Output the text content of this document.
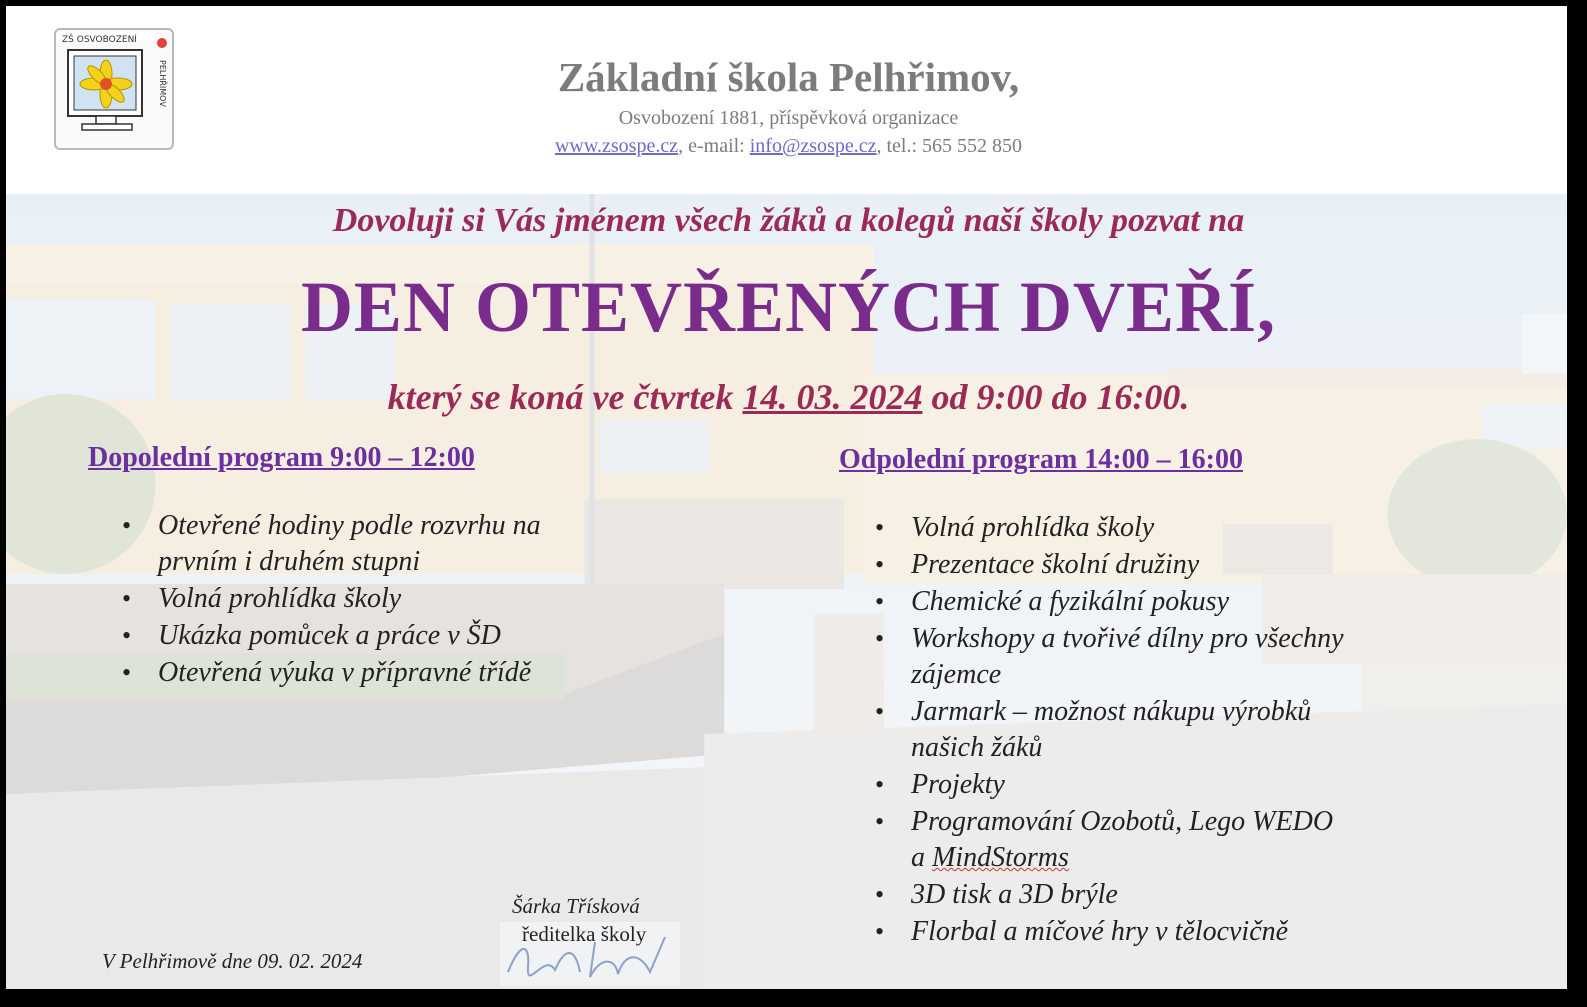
ZŠ OSVOBOZENÍ
PELHŘIMOV	Základní škola Pelhřimov,
Osvobození 1881, příspěvková organizace
www.zsospe.cz, e-mail: info@zsospe.cz, tel.: 565 552 850
Dovoluji si Vás jménem všech žáků a kolegů naší školy pozvat na
DEN OTEVŘENÝCH DVEŘÍ,
který se koná ve čtvrtek 14. 03. 2024 od 9:00 do 16:00.
Dopolední program 9:00 – 12:00
• Otevřené hodiny podle rozvrhu na prvním i druhém stupni
• Volná prohlídka školy
• Ukázka pomůcek a práce v ŠD
• Otevřená výuka v přípravné třídě
Odpolední program 14:00 – 16:00
• Volná prohlídka školy
• Prezentace školní družiny
• Chemické a fyzikální pokusy
• Workshopy a tvořivé dílny pro všechny zájemce
• Jarmark – možnost nákupu výrobků našich žáků
• Projekty
• Programování Ozobotů, Lego WEDO
a MindStorms
• 3D tisk a 3D brýle
• Florbal a míčové hry v tělocvičně
V Pelhřimově dne 09. 02. 2024
Šárka Třísková
ředitelka školy
